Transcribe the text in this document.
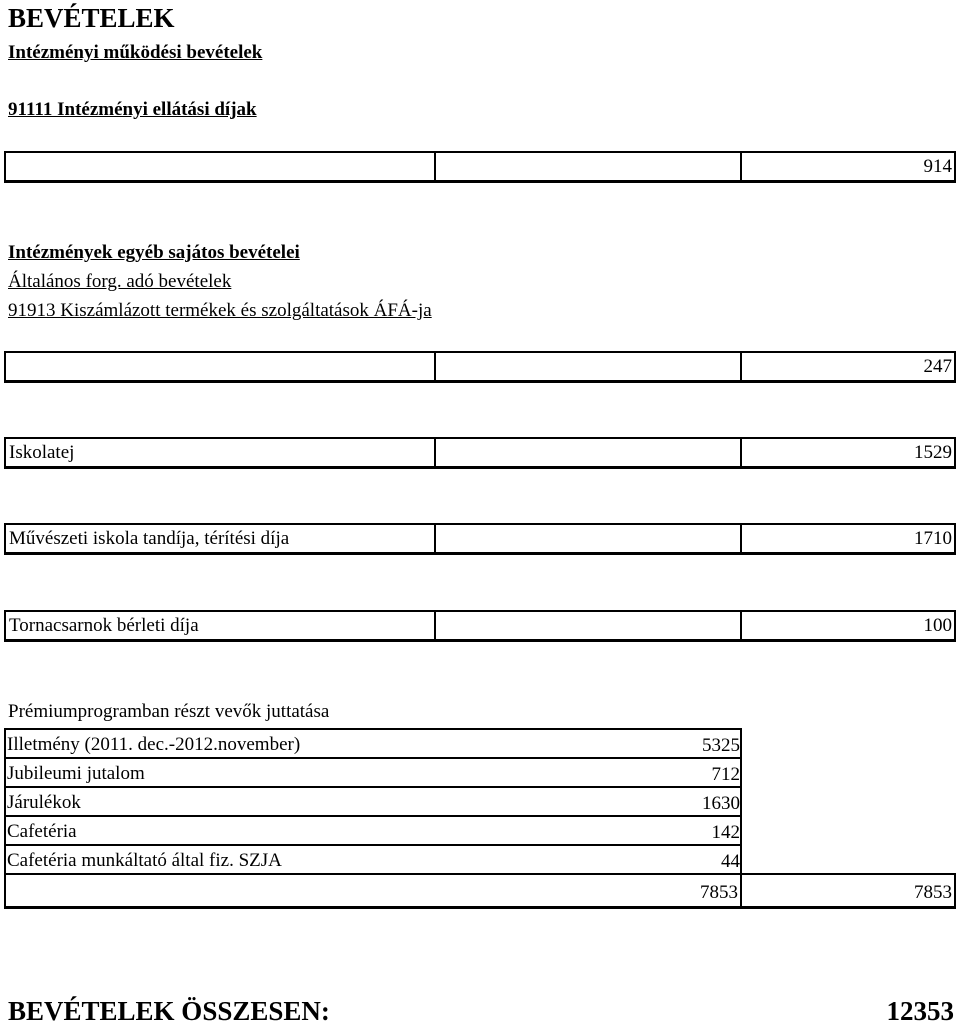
BEVÉTELEK
Intézményi működési bevételek
91111 Intézményi ellátási díjak
914
Intézmények egyéb sajátos bevételei
Általános forg. adó bevételek
91913 Kiszámlázott termékek és szolgáltatások ÁFÁ-ja
247
Iskolatej	1529
Művészeti iskola tandíja, térítési díja	1710
Tornacsarnok bérleti díja	100
Prémiumprogramban részt vevők juttatása
Illetmény (2011. dec.-2012.november)	5325
Jubileumi jutalom	712
Járulékok	1630
Cafetéria	142
Cafetéria munkáltató által fiz. SZJA	44
7853	7853
BEVÉTELEK ÖSSZESEN:	12353
